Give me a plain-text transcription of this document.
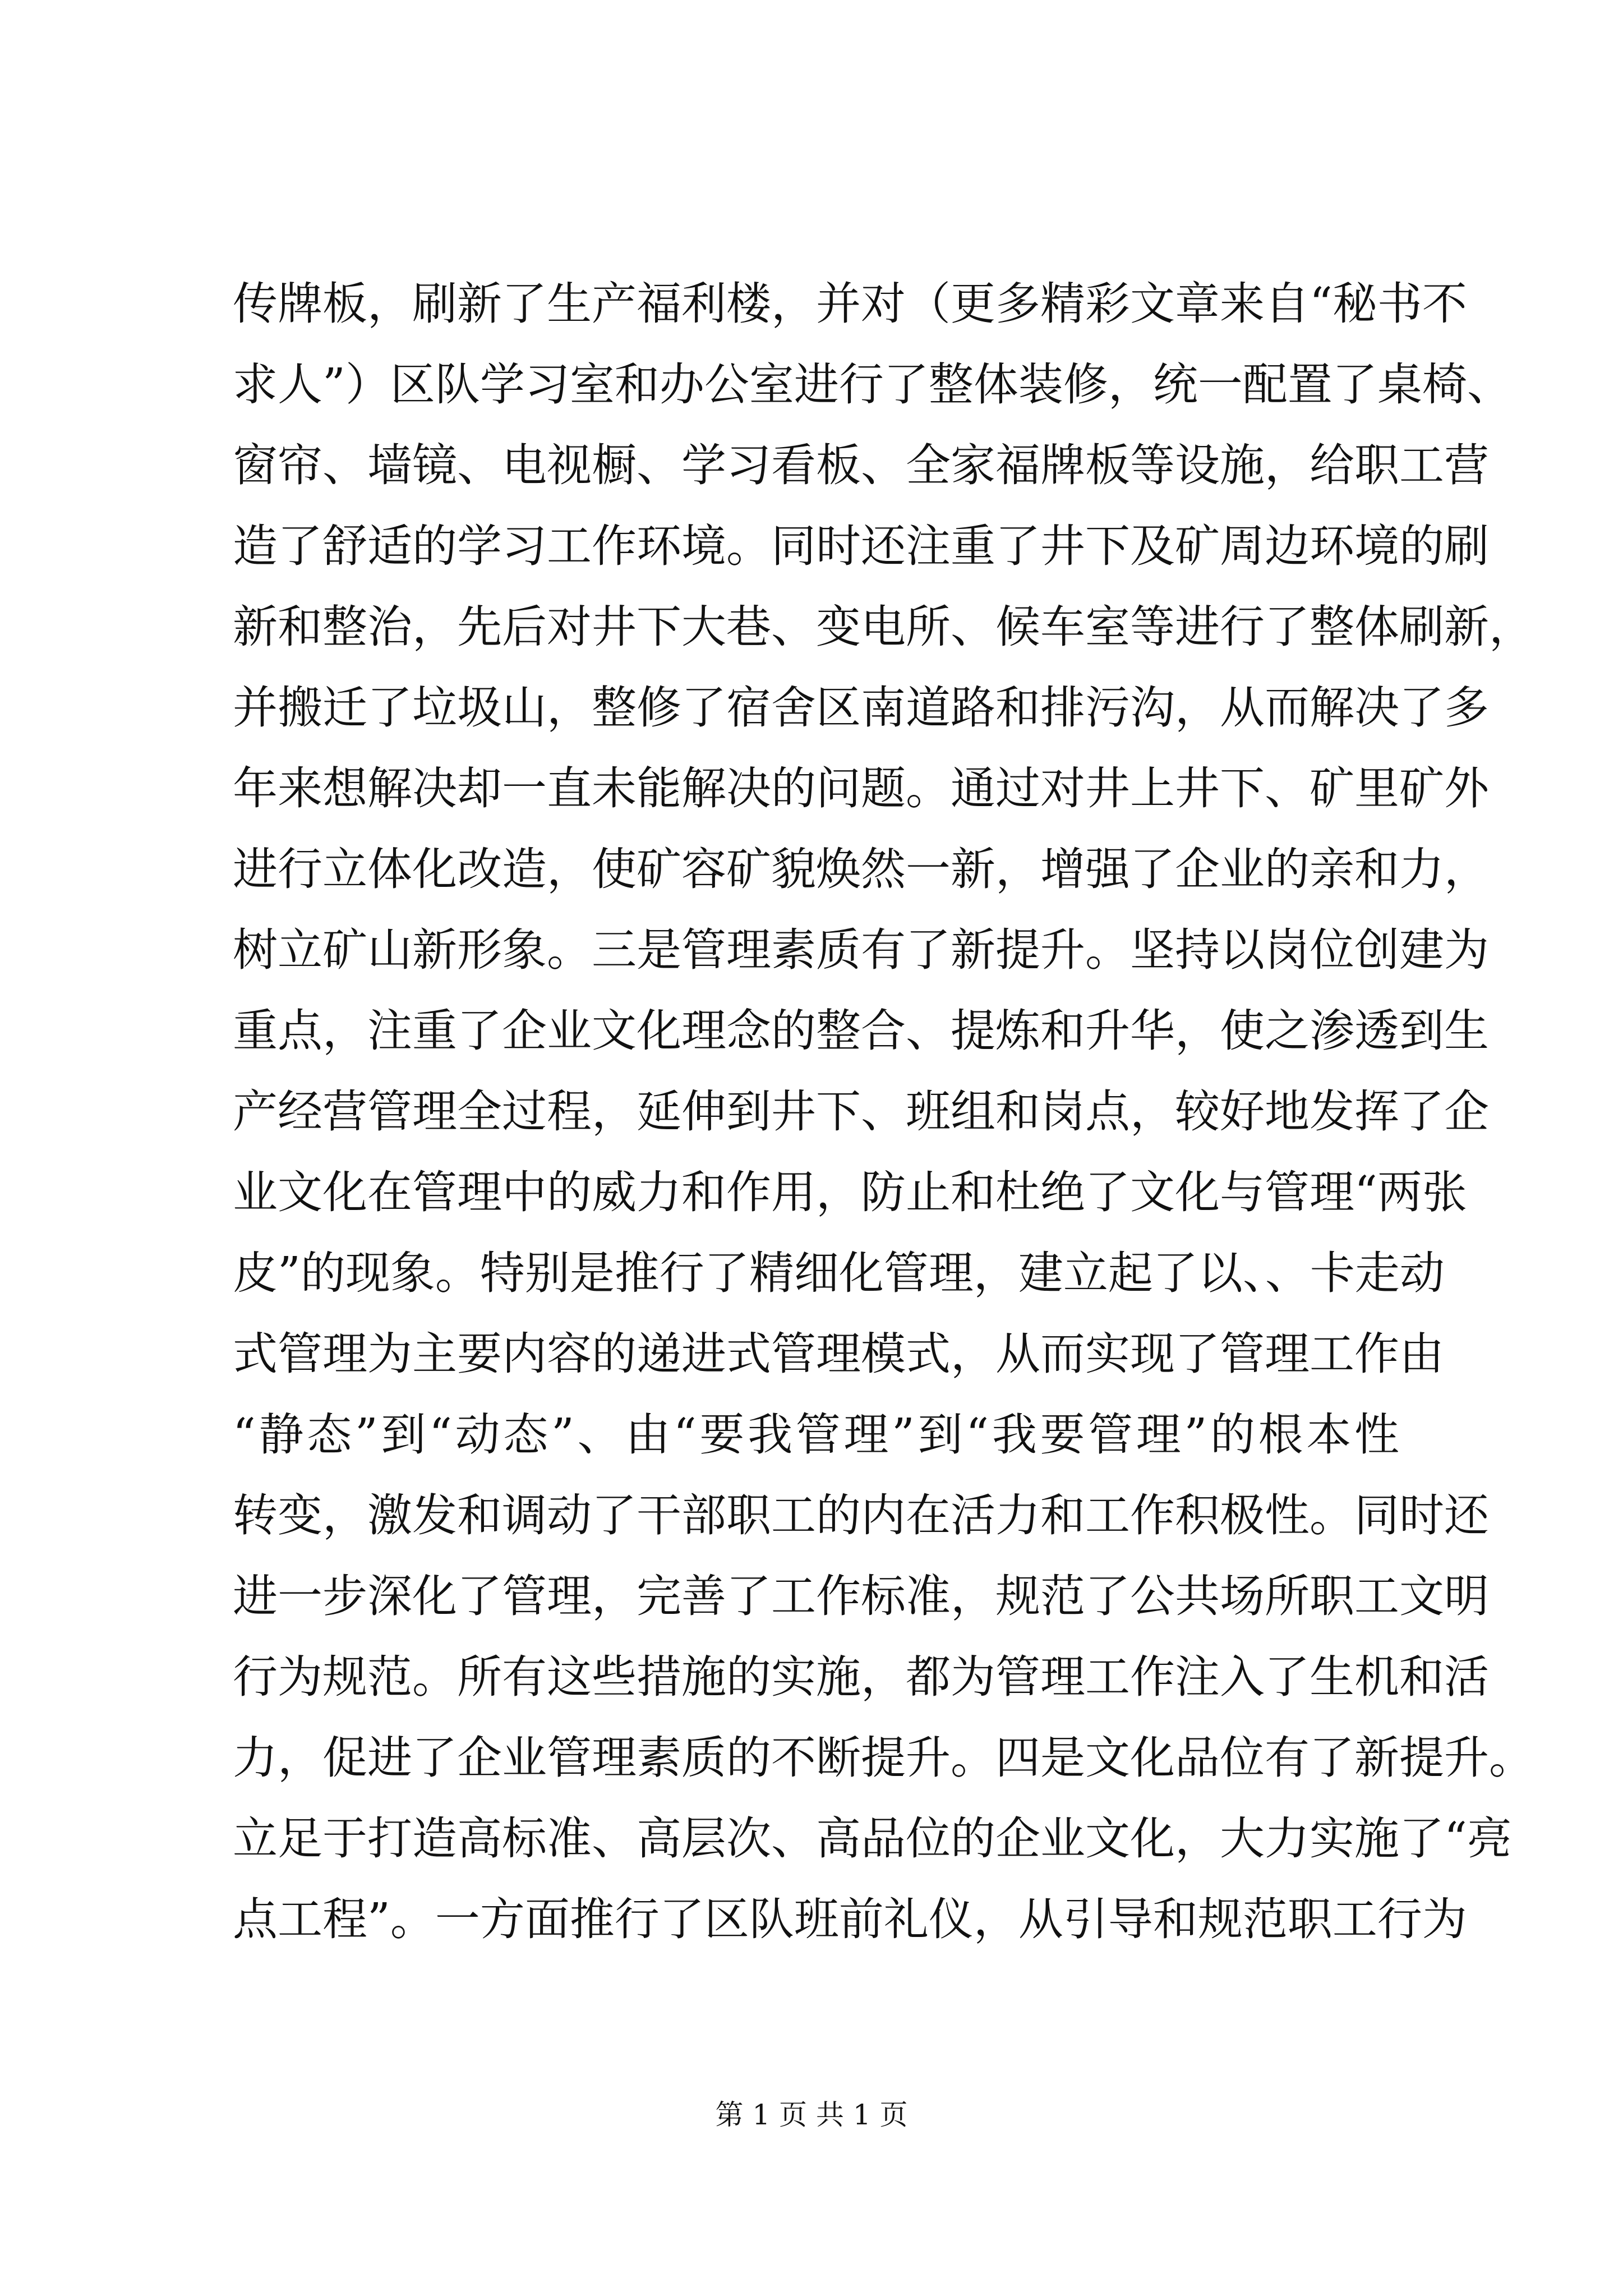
传牌板，刷新了生产福利楼，并对（更多精彩文章来自“秘书不
求人”）区队学习室和办公室进行了整体装修，统一配置了桌椅、
窗帘、墙镜、电视橱、学习看板、全家福牌板等设施，给职工营
造了舒适的学习工作环境。同时还注重了井下及矿周边环境的刷
新和整治，先后对井下大巷、变电所、候车室等进行了整体刷新，
并搬迁了垃圾山，整修了宿舍区南道路和排污沟，从而解决了多
年来想解决却一直未能解决的问题。通过对井上井下、矿里矿外
进行立体化改造，使矿容矿貌焕然一新，增强了企业的亲和力，
树立矿山新形象。三是管理素质有了新提升。坚持以岗位创建为
重点，注重了企业文化理念的整合、提炼和升华，使之渗透到生
产经营管理全过程，延伸到井下、班组和岗点，较好地发挥了企
业文化在管理中的威力和作用，防止和杜绝了文化与管理“两张
皮”的现象。特别是推行了精细化管理，建立起了以、、卡走动
式管理为主要内容的递进式管理模式，从而实现了管理工作由
“静态”到“动态”、由“要我管理”到“我要管理”的根本性
转变，激发和调动了干部职工的内在活力和工作积极性。同时还
进一步深化了管理，完善了工作标准，规范了公共场所职工文明
行为规范。所有这些措施的实施，都为管理工作注入了生机和活
力，促进了企业管理素质的不断提升。四是文化品位有了新提升。
立足于打造高标准、高层次、高品位的企业文化，大力实施了“亮
点工程”。一方面推行了区队班前礼仪，从引导和规范职工行为
第 1 页 共 1 页
